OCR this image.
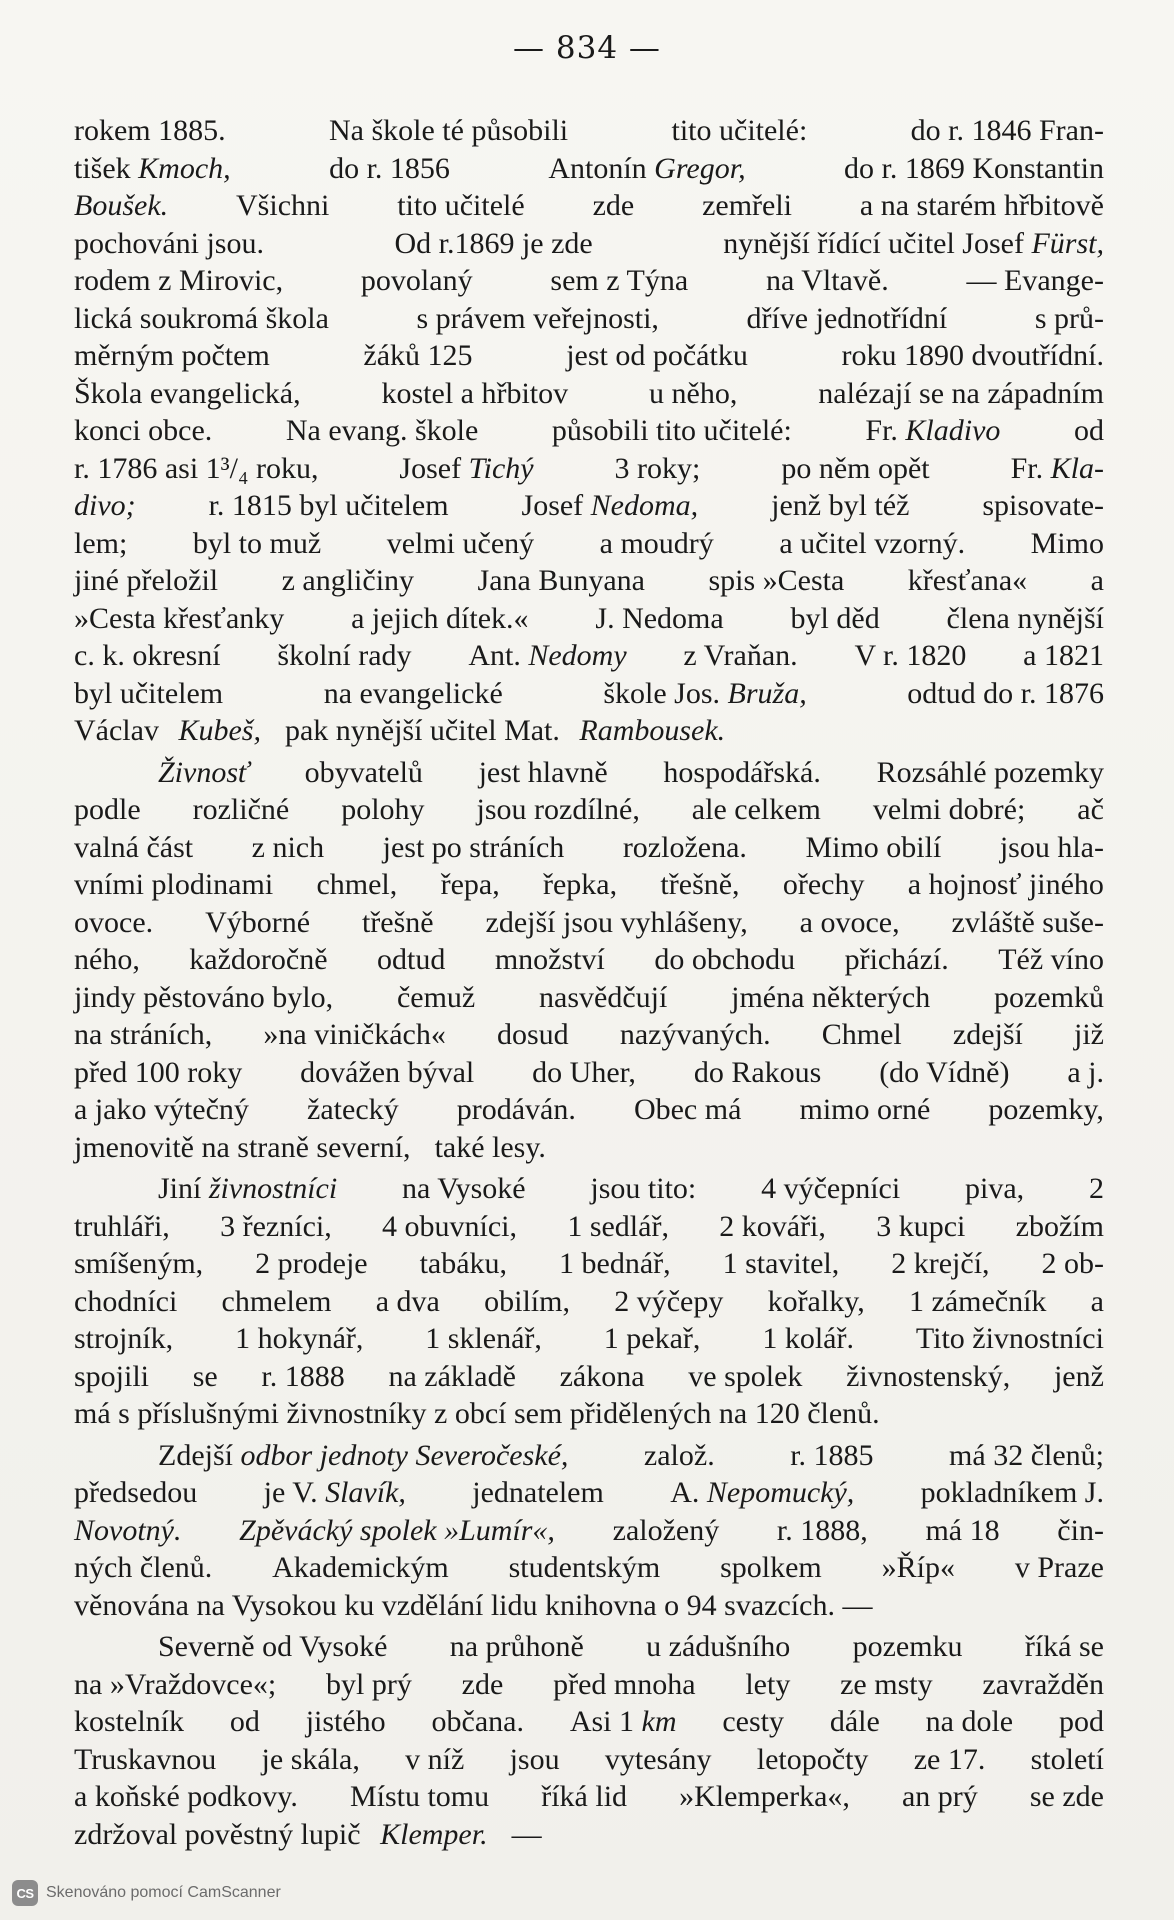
— 834 —
rokem 1885.	Na škole té působili	tito učitelé:	do r. 1846 Fran-
tišek Kmoch,	do r. 1856	Antonín Gregor,	do r. 1869 Konstantin
Boušek. Všichni tito učitelé zde zemřeli a na starém hřbitově
pochováni jsou.	Od r.1869 je zde	nynější řídící učitel Josef Fürst,
rodem z Mirovic,	povolaný	sem z Týna	na Vltavě.	— Evange-
lická soukromá škola	s právem veřejnosti,	dříve jednotřídní	s prů-
měrným počtem	žáků 125	jest od počátku	roku 1890 dvoutřídní.
Škola evangelická,	kostel a hřbitov	u něho,	nalézají se na západním
konci obce. Na evang. škole působili tito učitelé: Fr. Kladivo od
r. 1786 asi 1³/₄ roku,	Josef Tichý	3 roky;	po něm opět	Fr. Kla-
divo; r. 1815 byl učitelem Josef Nedoma, jenž byl též spisovate-
lem; byl to muž velmi učený a moudrý a učitel vzorný. Mimo
jiné přeložil z angličiny Jana Bunyana spis »Cesta křesťana« a
»Cesta křesťanky a jejich dítek.« J. Nedoma byl děd člena nynější
c. k. okresní školní rady Ant. Nedomy z Vraňan. V r. 1820 a 1821
byl učitelem	na evangelické	škole Jos. Bruža,	odtud do r. 1876
Václav Kubeš, pak nynější učitel Mat. Rambousek.
Živnosť obyvatelů jest hlavně hospodářská. Rozsáhlé pozemky
podle rozličné polohy jsou rozdílné, ale celkem velmi dobré; ač
valná část z nich jest po stráních rozložena. Mimo obilí jsou hla-
vními plodinami chmel, řepa, řepka, třešně, ořechy a hojnosť jiného
ovoce. Výborné třešně zdejší jsou vyhlášeny, a ovoce, zvláště suše-
ného, každoročně odtud množství do obchodu přichází. Též víno
jindy pěstováno bylo, čemuž nasvědčují jména některých pozemků
na stráních, »na viničkách« dosud nazývaných. Chmel zdejší již
před 100 roky dovážen býval do Uher, do Rakous (do Vídně) a j.
a jako výtečný žatecký prodáván. Obec má mimo orné pozemky,
jmenovitě na straně severní, také lesy.
Jiní živnostníci na Vysoké jsou tito: 4 výčepníci piva, 2
truhláři, 3 řezníci, 4 obuvníci, 1 sedlář, 2 kováři, 3 kupci zbožím
smíšeným, 2 prodeje tabáku, 1 bednář, 1 stavitel, 2 krejčí, 2 ob-
chodníci chmelem a dva obilím, 2 výčepy kořalky, 1 zámečník a
strojník, 1 hokynář, 1 sklenář, 1 pekař, 1 kolář. Tito živnostníci
spojili se r. 1888 na základě zákona ve spolek živnostenský, jenž
má s příslušnými živnostníky z obcí sem přidělených na 120 členů.
Zdejší odbor jednoty Severočeské,	založ.	r. 1885	má 32 členů;
předsedou je V. Slavík, jednatelem A. Nepomucký, pokladníkem J.
Novotný. Zpěvácký spolek »Lumír«, založený r. 1888, má 18 čin-
ných členů. Akademickým studentským spolkem »Říp« v Praze
věnována na Vysokou ku vzdělání lidu knihovna o 94 svazcích. —
Severně od Vysoké na průhoně u zádušního pozemku říká se
na »Vraždovce«; byl prý zde před mnoha lety ze msty zavražděn
kostelník od jistého občana. Asi 1 km cesty dále na dole pod
Truskavnou je skála, v níž jsou vytesány letopočty ze 17. století
a koňské podkovy. Místu tomu říká lid »Klemperka«, an prý se zde
zdržoval pověstný lupič Klemper. —
CS Skenováno pomocí CamScanner
